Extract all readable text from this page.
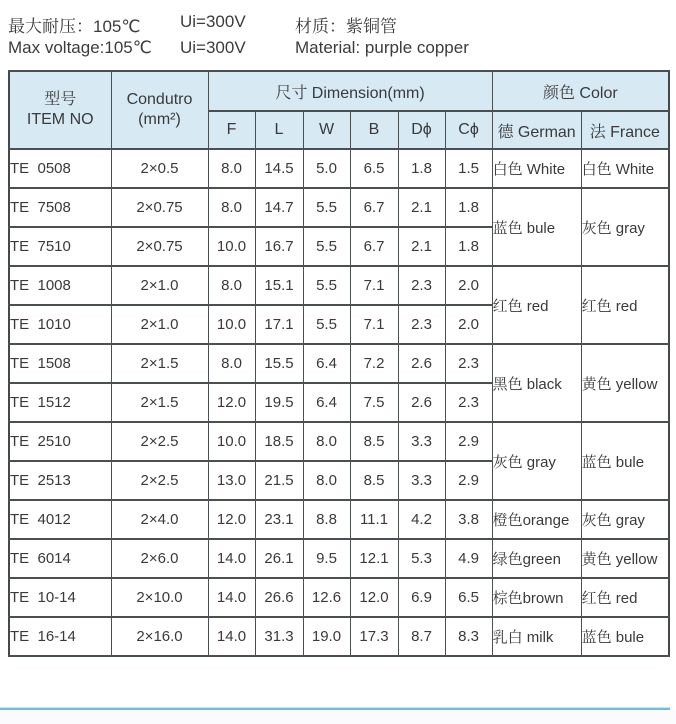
最大耐压：105℃ Ui=300V	材质：紫铜管
Max voltage:105℃ Ui=300V	Material: purple copper
型号
ITEM NO

Condutro
(mm²)
	尺寸 Dimension(mm)	颜色 Color
		F	L	W	B	Dϕ	Cϕ	德 German	法 France
TE  0508	2×0.5	8.0	14.5	5.0	6.5	1.8	1.5	白色 White	白色 White
TE  7508	2×0.75	8.0	14.7	5.5	6.7	2.1	1.8	蓝色 bule	灰色 gray
TE  7510	2×0.75	10.0	16.7	5.5	6.7	2.1	1.8		
TE  1008	2×1.0	8.0	15.1	5.5	7.1	2.3	2.0	红色 red	红色 red
TE  1010	2×1.0	10.0	17.1	5.5	7.1	2.3	2.0		
TE  1508	2×1.5	8.0	15.5	6.4	7.2	2.6	2.3	黑色 black	黄色 yellow
TE  1512	2×1.5	12.0	19.5	6.4	7.5	2.6	2.3		
TE  2510	2×2.5	10.0	18.5	8.0	8.5	3.3	2.9	灰色 gray	蓝色 bule
TE  2513	2×2.5	13.0	21.5	8.0	8.5	3.3	2.9		
TE  4012	2×4.0	12.0	23.1	8.8	11.1	4.2	3.8	橙色orange	灰色 gray
TE  6014	2×6.0	14.0	26.1	9.5	12.1	5.3	4.9	绿色green	黄色 yellow
TE  10-14	2×10.0	14.0	26.6	12.6	12.0	6.9	6.5	棕色brown	红色 red
TE  16-14	2×16.0	14.0	31.3	19.0	17.3	8.7	8.3	乳白 milk	蓝色 bule
